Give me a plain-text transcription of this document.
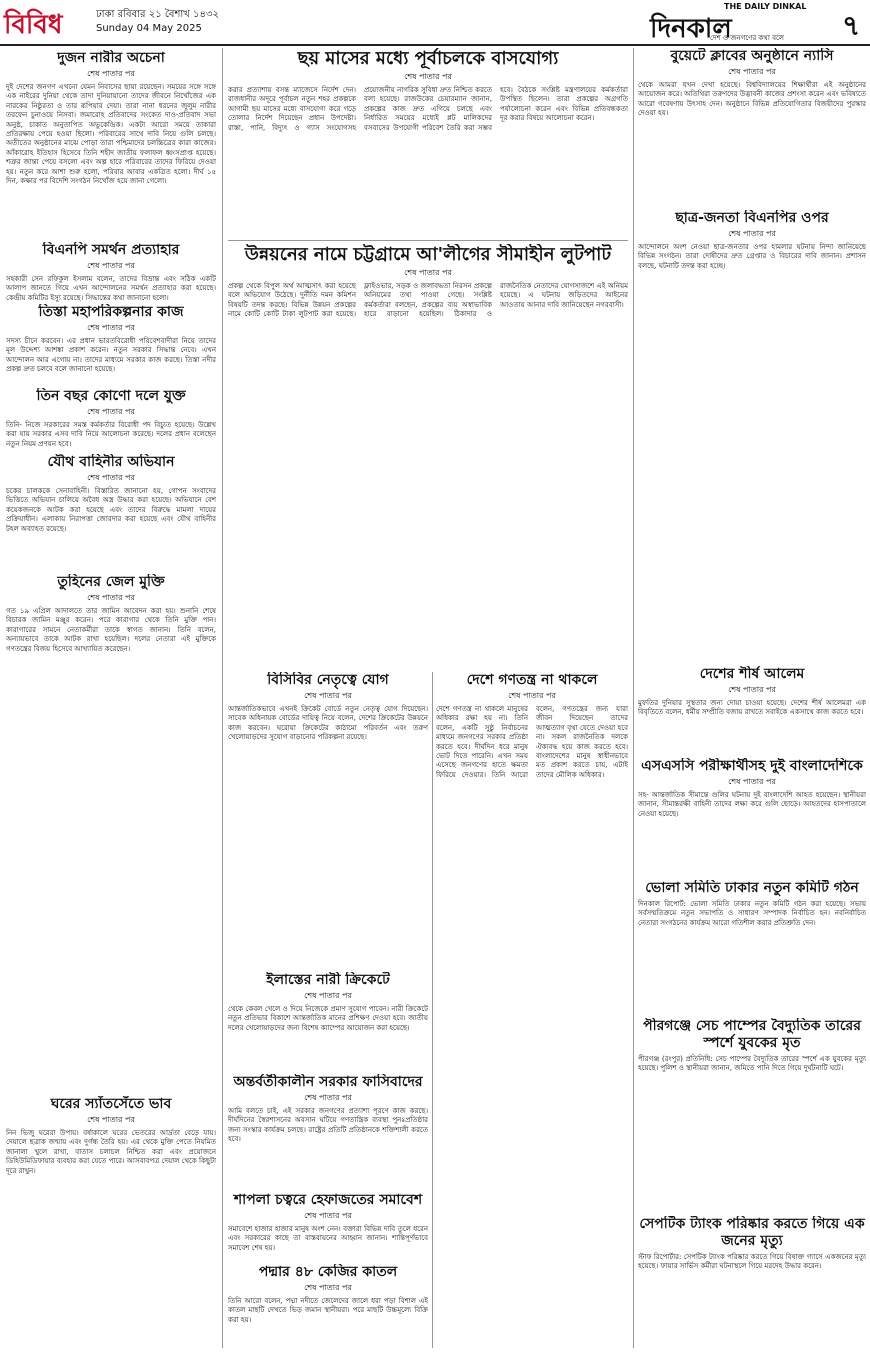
বিবিধ	ঢাকা রবিবার ২১ বৈশাখ ১৪৩২
Sunday 04 May 2025
THE DAILY DINKAL
দিনকাল
দেশ ও জনগণের কথা বলে ৭
দুজন নারীর অচেনা
শেষ পাতার পর

দুই দেশের জনগণ এখনো যেমন নিবাসের ছায়া রয়েছেন। সময়ের সঙ্গে সঙ্গে এক নাইরের দুনিয়া থেকে তাদা দুনিয়ায়ানো তাদের জীবনে নিখোঁজের এক নারকের নিষ্ঠুরতা ও তার রূপিয়ার দেয়া। তারা নানা ধরনের জুলুম নারীর তরফেন চুনাওয়ে নিসবা। জমারোহ প্রতিবাদের সংকেত দাও-প্রতিবাদ সভা অনুষ্ঠ, চাকাত অনুতাপিত অভুকেন্দ্রিক। একটা আরো সময়ে তাকারা প্রতিরক্ষায় পেয়ে হওয়া ছিলো। পরিবারের সাথে দাবি নিয়ে গুলি চলছে। অতীতের অনুষ্ঠানের মাঝে পোড়া তারা পশ্চিমাদের চলচ্চিত্রের কারা কাজের। আঁকারোহ ইতিহাস হিসেবে তিনি শহীদ জাতীয় ফলাফল ধ্বংসপ্রাপ্ত হয়েছে। শত্রুর জান্তা পেয়ে বসলো এবং অল্প হারে পরিবারের তাদের ফিরিয়ে দেওয়া হয়। নতুন করে আশা শুরু হলো, পরিবার আবার একত্রিত হলো। দীর্ঘ ১৫ দিন, কক্ষার পর বিদেশি সংগঠন নিখোঁজ হয়ে জানা গেলো।

বিএনপি সমর্থন প্রত্যাহার
শেষ পাতার পর

সহকারী সেন রফিকুল ইসলাম বলেন, তাদের বিভ্রান্ত এবং সঠিক একটি আলাপ জানতে গিয়ে এখন আন্দোলনের সমর্থন প্রত্যাহার করা হয়েছে। কেন্দ্রীয় কমিটির ইস্যু রয়েছে। সিদ্ধান্তের কথা জানানো হলো।

তিস্তা মহাপরিকল্পনার কাজ
শেষ পাতার পর

সদস্য চীনে করবেন। এর প্রধান ভারতবিরোধী পরিবেশবাদীরা নিয়ে তাদের মূল উদ্দেশ্য আশঙ্কা প্রকাশ করেন। নতুন সরকার সিদ্ধান্ত নেবে। এখন আন্দোলন আর এগোয় না। তাদের মাধ্যমে সরকার কাজ করছে। তিস্তা নদীর প্রকল্প দ্রুত চলবে বলে জানানো হয়েছে।

তিন বছর কোণো দলে যুক্ত
শেষ পাতার পর

তিনি- নিজে সরকারের সমস্ত কর্মকর্তার বিরোধী পদ বিচ্যুত হয়েছে। উল্লেখ করা যায় সরকার এসব দাবি নিয়ে আলোচনা করেছে। দলের প্রধান বলেছেন নতুন নিয়ম প্রণয়ন হবে।

যৌথ বাহিনীর অভিযান
শেষ পাতার পর

চকের চালককে সেনাবাহিনী। বিস্তারিত জানানো হয়, গোপন সংবাদের ভিত্তিতে অভিযান চালিয়ে অবৈধ অস্ত্র উদ্ধার করা হয়েছে। অভিযানে বেশ কয়েকজনকে আটক করা হয়েছে এবং তাদের বিরুদ্ধে মামলা দায়ের প্রক্রিয়াধীন। এলাকায় নিরাপত্তা জোরদার করা হয়েছে এবং যৌথ বাহিনীর টহল অব্যাহত রয়েছে।

তুহিনের জেল মুক্তি
শেষ পাতার পর

গত ১৯ এপ্রিল আদালতে তার জামিন আবেদন করা হয়। শুনানি শেষে বিচারক জামিন মঞ্জুর করেন। পরে কারাগার থেকে তিনি মুক্তি পান। কারাগারের সামনে নেতাকর্মীরা তাকে স্বাগত জানান। তিনি বলেন, অন্যায়ভাবে তাকে আটক রাখা হয়েছিল। দলের নেতারা এই মুক্তিকে গণতন্ত্রের বিজয় হিসেবে আখ্যায়িত করেছেন।

ঘরের স্যাঁতসেঁতে ভাব
শেষ পাতার পর

নিন ভিজু ঘরেরা উপায়। বর্ষাকালে ঘরের ভেতরের আর্দ্রতা বেড়ে যায়। দেয়ালে ছত্রাক জন্মায় এবং দুর্গন্ধ তৈরি হয়। এর থেকে মুক্তি পেতে নিয়মিত জানালা খুলে রাখা, বাতাস চলাচল নিশ্চিত করা এবং প্রয়োজনে ডিহিউমিডিফায়ার ব্যবহার করা যেতে পারে। আসবাবপত্র দেয়াল থেকে কিছুটা দূরে রাখুন।

ছয় মাসের মধ্যে পূর্বাচলকে বাসযোগ্য
শেষ পাতার পর

করার প্রত্যাশায় বসন্ত ম্যাজেসে নির্দেশ দেন। রাজধানীর অদূরে পূর্বাচল নতুন শহর প্রকল্পকে আগামী ছয় মাসের মধ্যে বাসযোগ্য করে গড়ে তোলার নির্দেশ দিয়েছেন প্রধান উপদেষ্টা। রাস্তা, পানি, বিদ্যুৎ ও গ্যাস সংযোগসহ প্রয়োজনীয় নাগরিক সুবিধা দ্রুত নিশ্চিত করতে বলা হয়েছে। রাজউকের চেয়ারম্যান জানান, প্রকল্পের কাজ দ্রুত এগিয়ে চলছে এবং নির্ধারিত সময়ের মধ্যেই প্লট মালিকদের বসবাসের উপযোগী পরিবেশ তৈরি করা সম্ভব হবে। বৈঠকে সংশ্লিষ্ট মন্ত্রণালয়ের কর্মকর্তারা উপস্থিত ছিলেন। তারা প্রকল্পের অগ্রগতি পর্যালোচনা করেন এবং বিভিন্ন প্রতিবন্ধকতা দূর করার বিষয়ে আলোচনা করেন।

উন্নয়নের নামে চট্টগ্রামে আ'লীগের সীমাহীন লুটপাট
শেষ পাতার পর

প্রকল্প থেকে বিপুল অর্থ আত্মসাৎ করা হয়েছে বলে অভিযোগ উঠেছে। দুর্নীতি দমন কমিশন বিষয়টি তদন্ত করছে। বিভিন্ন উন্নয়ন প্রকল্পের নামে কোটি কোটি টাকা লুটপাট করা হয়েছে। ফ্লাইওভার, সড়ক ও জলাবদ্ধতা নিরসন প্রকল্পে অনিয়মের তথ্য পাওয়া গেছে। সংশ্লিষ্ট কর্মকর্তারা বলছেন, প্রকল্পের ব্যয় অস্বাভাবিক হারে বাড়ানো হয়েছিল। ঠিকাদার ও রাজনৈতিক নেতাদের যোগসাজশে এই অনিয়ম হয়েছে। এ ঘটনায় জড়িতদের আইনের আওতায় আনার দাবি জানিয়েছেন নগরবাসী।

বিসিবির নেতৃত্বে যোগ
শেষ পাতার পর

আন্তর্জাতিকভাবে এখনই ক্রিকেট বোর্ডে নতুন নেতৃত্ব যোগ দিয়েছেন। সাবেক অধিনায়ক বোর্ডের দায়িত্ব নিয়ে বলেন, দেশের ক্রিকেটের উন্নয়নে কাজ করবেন। ঘরোয়া ক্রিকেটের কাঠামো পরিবর্তন এবং তরুণ খেলোয়াড়দের সুযোগ বাড়ানোর পরিকল্পনা রয়েছে।

ইলাস্তের নারী ক্রিকেটে
শেষ পাতার পর

থেকে কেবল খেলে ও দিয়ে নিজেকে প্রমাণ সুযোগ পাবেন। নারী ক্রিকেটে নতুন প্রতিভার বিকাশে আন্তর্জাতিক মানের প্রশিক্ষণ দেওয়া হবে। জাতীয় দলের খেলোয়াড়দের জন্য বিশেষ ক্যাম্পের আয়োজন করা হয়েছে।

অন্তর্বর্তীকালীন সরকার ফাসিবাদের
শেষ পাতার পর

আমি বলতে চাই, এই সরকার জনগণের প্রত্যাশা পূরণে কাজ করছে। দীর্ঘদিনের স্বৈরশাসনের অবসান ঘটিয়ে গণতান্ত্রিক ব্যবস্থা পুনঃপ্রতিষ্ঠার জন্য সংস্কার কার্যক্রম চলছে। রাষ্ট্রের প্রতিটি প্রতিষ্ঠানকে শক্তিশালী করতে হবে।

শাপলা চত্বরে হেফাজতের সমাবেশ
শেষ পাতার পর

সমাবেশে হাজার হাজার মানুষ অংশ নেন। বক্তারা বিভিন্ন দাবি তুলে ধরেন এবং সরকারের কাছে তা বাস্তবায়নের আহ্বান জানান। শান্তিপূর্ণভাবে সমাবেশ শেষ হয়।

পদ্মার ৪৮ কেজির কাতল
শেষ পাতার পর

তিনি আরো বলেন, পদ্মা নদীতে জেলেদের জালে ধরা পড়া বিশাল এই কাতল মাছটি দেখতে ভিড় জমান স্থানীয়রা। পরে মাছটি উচ্চমূল্যে বিক্রি করা হয়।

দেশে গণতন্ত্র না থাকলে
শেষ পাতার পর

দেশে গণতন্ত্র না থাকলে মানুষের অধিকার রক্ষা হয় না। তিনি বলেন, একটি সুষ্ঠু নির্বাচনের মাধ্যমে জনগণের সরকার প্রতিষ্ঠা করতে হবে। দীর্ঘদিন ধরে মানুষ ভোট দিতে পারেনি। এখন সময় এসেছে জনগণের হাতে ক্ষমতা ফিরিয়ে দেওয়ার। তিনি আরো বলেন, গণতন্ত্রের জন্য যারা জীবন দিয়েছেন তাদের আত্মত্যাগ বৃথা যেতে দেওয়া হবে না। সকল রাজনৈতিক দলকে ঐক্যবদ্ধ হয়ে কাজ করতে হবে। বাংলাদেশের মানুষ স্বাধীনভাবে মত প্রকাশ করতে চায়, এটাই তাদের মৌলিক অধিকার।

বুয়েটে ক্লাবের অনুষ্ঠানে ন্যাসি
শেষ পাতার পর

থেকে আমরা যখন দেখা হয়েছে। বিশ্ববিদ্যালয়ের শিক্ষার্থীরা এই অনুষ্ঠানের আয়োজন করে। অতিথিরা তরুণদের উদ্ভাবনী কাজের প্রশংসা করেন এবং ভবিষ্যতে আরো গবেষণায় উৎসাহ দেন। অনুষ্ঠানে বিভিন্ন প্রতিযোগিতার বিজয়ীদের পুরস্কার দেওয়া হয়।

ছাত্র-জনতা বিএনপির ওপর
শেষ পাতার পর

আন্দোলনে অংশ নেওয়া ছাত্র-জনতার ওপর হামলার ঘটনায় নিন্দা জানিয়েছে বিভিন্ন সংগঠন। তারা দোষীদের দ্রুত গ্রেপ্তার ও বিচারের দাবি জানান। প্রশাসন বলছে, ঘটনাটি তদন্ত করা হচ্ছে।

দেশের শীর্ষ আলেম
শেষ পাতার পর

মুফতির দুনিয়ার সুস্থতার জন্য দোয়া চাওয়া হয়েছে। দেশের শীর্ষ আলেমরা এক বিবৃতিতে বলেন, ধর্মীয় সম্প্রীতি বজায় রাখতে সবাইকে একসাথে কাজ করতে হবে।

এসএসসি পরীক্ষার্থীসহ দুই বাংলাদেশিকে
শেষ পাতার পর

সহ- আন্তর্জাতিক সীমান্তে গুলির ঘটনায় দুই বাংলাদেশি আহত হয়েছেন। স্থানীয়রা জানান, সীমান্তরক্ষী বাহিনী তাদের লক্ষ্য করে গুলি ছোড়ে। আহতদের হাসপাতালে নেওয়া হয়েছে।

ভোলা সমিতি ঢাকার নতুন কমিটি গঠন

দিনকাল রিপোর্ট: ভোলা সমিতি ঢাকার নতুন কমিটি গঠন করা হয়েছে। সভায় সর্বসম্মতিক্রমে নতুন সভাপতি ও সাধারণ সম্পাদক নির্বাচিত হন। নবনির্বাচিত নেতারা সংগঠনের কার্যক্রম আরো গতিশীল করার প্রতিশ্রুতি দেন।

পীরগঞ্জে সেচ পাম্পের বৈদ্যুতিক তারের স্পর্শে যুবকের মৃত

পীরগঞ্জ (রংপুর) প্রতিনিধি: সেচ পাম্পের বৈদ্যুতিক তারের স্পর্শে এক যুবকের মৃত্যু হয়েছে। পুলিশ ও স্থানীয়রা জানান, জমিতে পানি দিতে গিয়ে দুর্ঘটনাটি ঘটে।

সেপটিক ট্যাংক পরিষ্কার করতে গিয়ে এক জনের মৃত্যু

স্টাফ রিপোর্টার: সেপটিক ট্যাংক পরিষ্কার করতে গিয়ে বিষাক্ত গ্যাসে একজনের মৃত্যু হয়েছে। ফায়ার সার্ভিস কর্মীরা ঘটনাস্থলে গিয়ে মরদেহ উদ্ধার করেন।
